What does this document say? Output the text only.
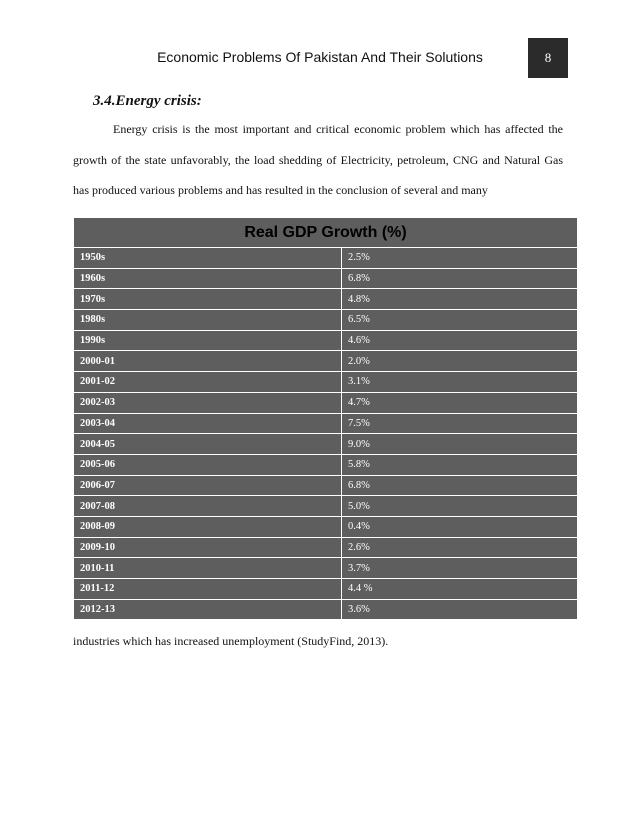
Economic Problems Of Pakistan And Their Solutions	8
3.4.Energy crisis:

Energy crisis is the most important and critical economic problem which has affected the growth of the state unfavorably, the load shedding of Electricity, petroleum, CNG and Natural Gas has produced various problems and has resulted in the conclusion of several and many

Real GDP Growth (%)	
1950s	2.5%
1960s	6.8%
1970s	4.8%
1980s	6.5%
1990s	4.6%
2000-01	2.0%
2001-02	3.1%
2002-03	4.7%
2003-04	7.5%
2004-05	9.0%
2005-06	5.8%
2006-07	6.8%
2007-08	5.0%
2008-09	0.4%
2009-10	2.6%
2010-11	3.7%
2011-12	4.4 %
2012-13	3.6%

industries which has increased unemployment (StudyFind, 2013).
